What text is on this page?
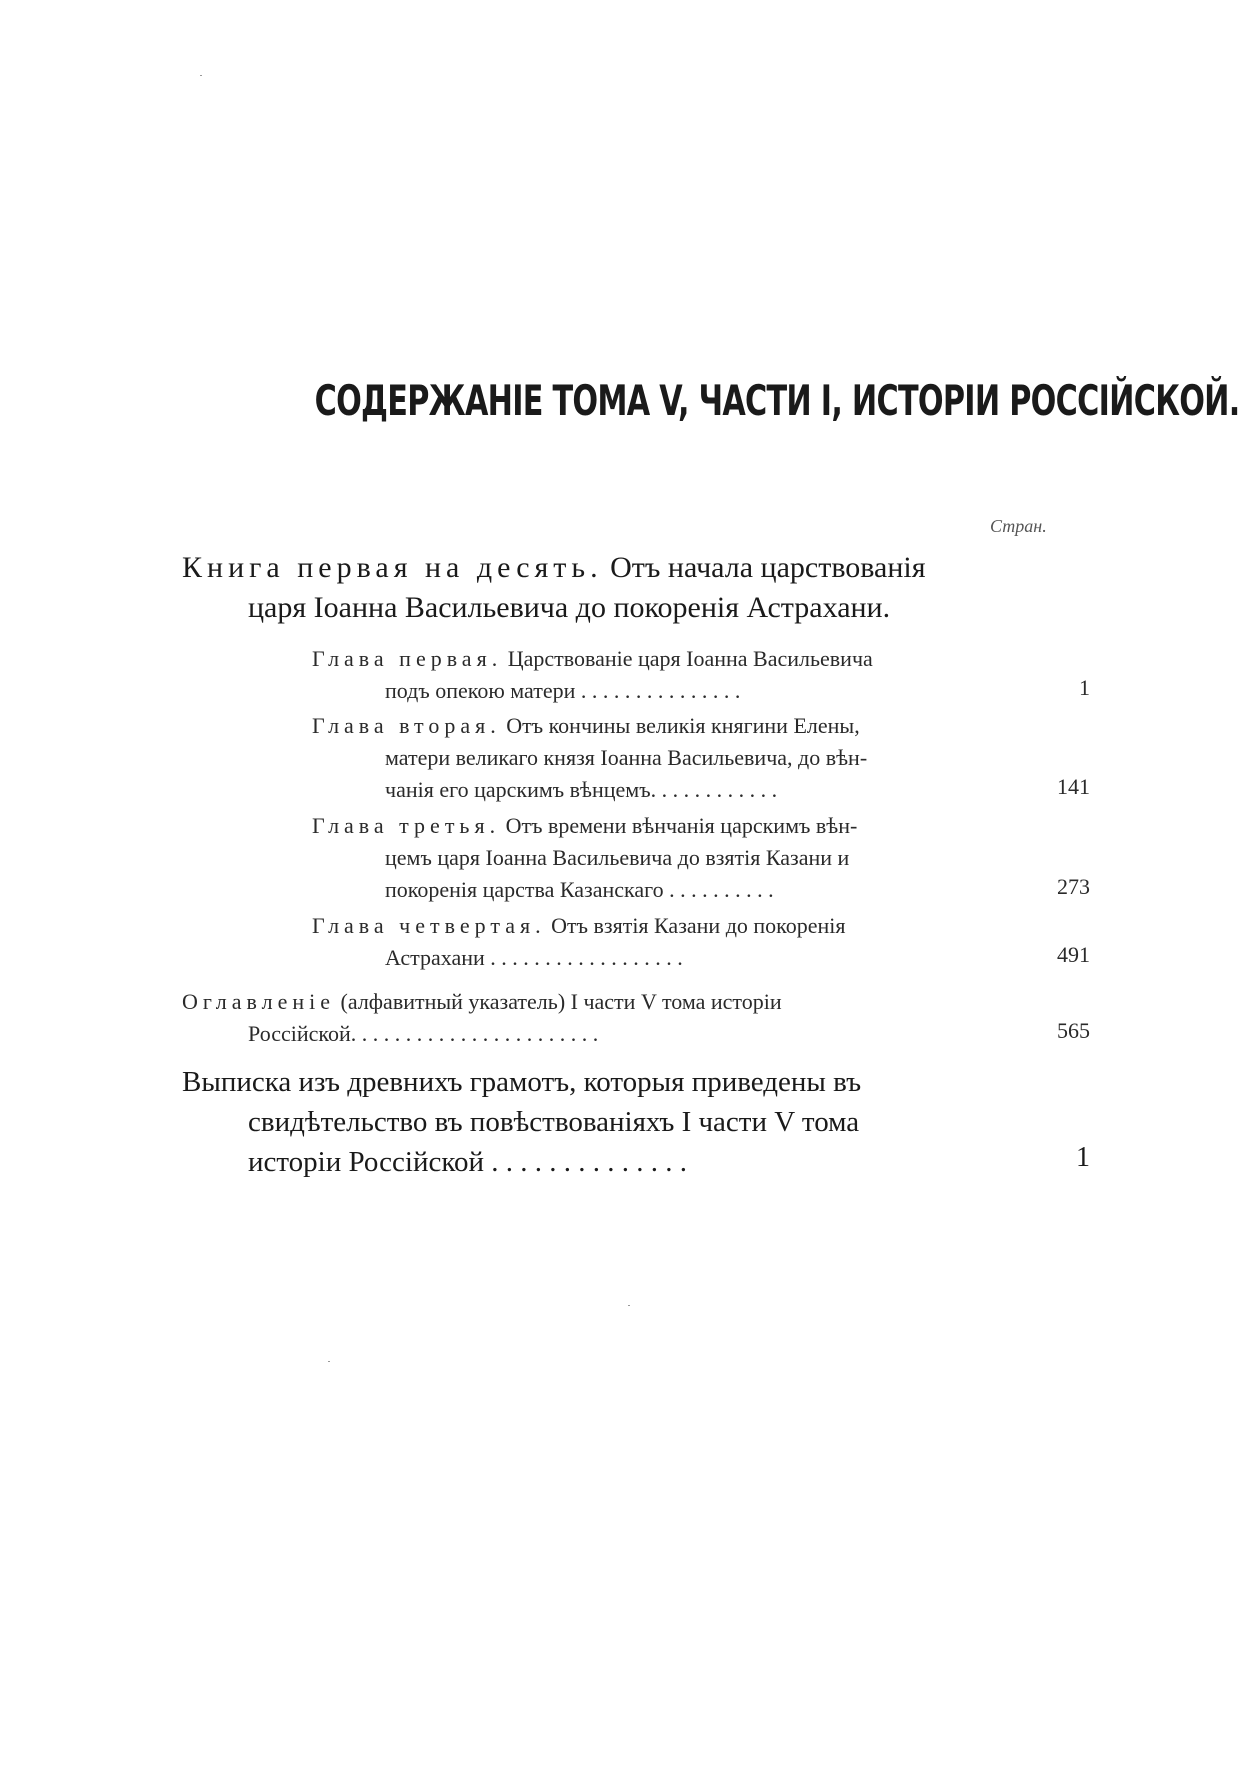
СОДЕРЖАНІЕ ТОМА V, ЧАСТИ I, ИСТОРІИ РОССІЙСКОЙ.
Стран.
Книга первая на десять. Отъ начала царствованія
царя Іоанна Васильевича до покоренія Астрахани.
Глава первая. Царствованіе царя Іоанна Васильевича
подъ опекою матери . . . . . . . . . . . . . . .	1
Глава вторая. Отъ кончины великія княгини Елены,
матери великаго князя Іоанна Васильевича, до вѣн-
чанія его царскимъ вѣнцемъ. . . . . . . . . . . .	141
Глава третья. Отъ времени вѣнчанія царскимъ вѣн-
цемъ царя Іоанна Васильевича до взятія Казани и
покоренія царства Казанскаго . . . . . . . . . .	273
Глава четвертая. Отъ взятія Казани до покоренія
Астрахани . . . . . . . . . . . . . . . . . .	491
Оглавленіе (алфавитный указатель) I части V тома исторіи
Россійской. . . . . . . . . . . . . . . . . . . . . . .	565
Выписка изъ древнихъ грамотъ, которыя приведены въ
свидѣтельство въ повѣствованіяхъ I части V тома
исторіи Россійской . . . . . . . . . . . . . .	1
